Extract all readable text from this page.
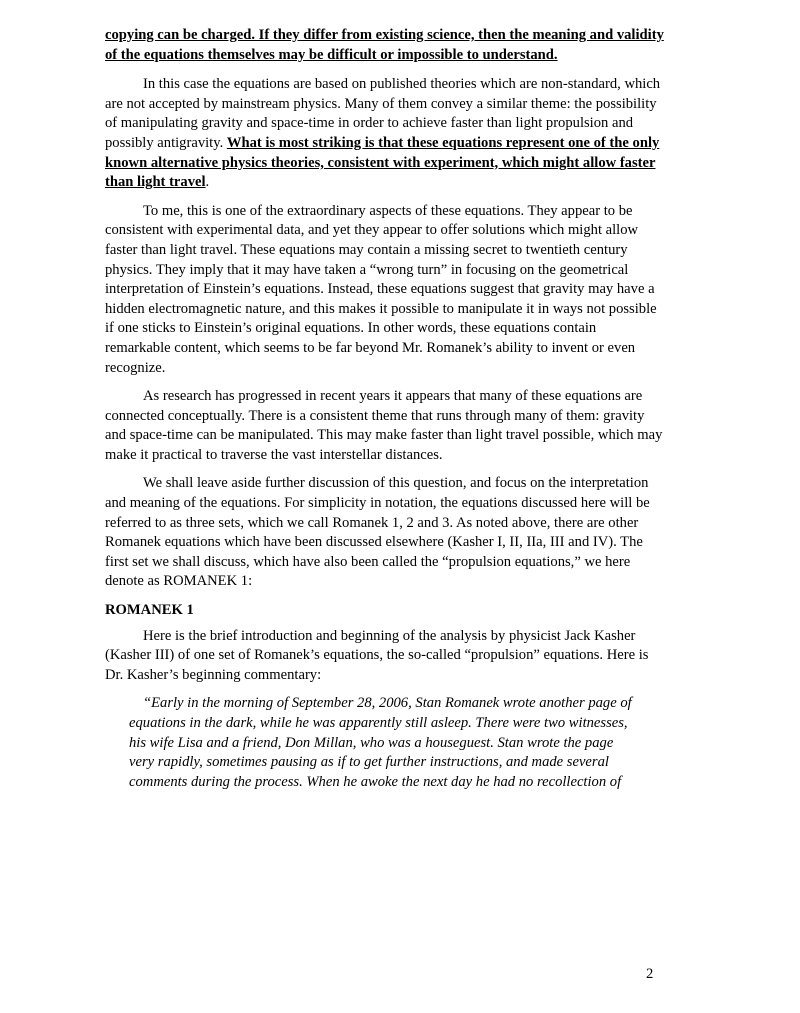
copying can be charged. If they differ from existing science, then the meaning and validity of the equations themselves may be difficult or impossible to understand.

In this case the equations are based on published theories which are non-standard, which are not accepted by mainstream physics. Many of them convey a similar theme: the possibility of manipulating gravity and space-time in order to achieve faster than light propulsion and possibly antigravity. What is most striking is that these equations represent one of the only known alternative physics theories, consistent with experiment, which might allow faster than light travel.

To me, this is one of the extraordinary aspects of these equations. They appear to be consistent with experimental data, and yet they appear to offer solutions which might allow faster than light travel. These equations may contain a missing secret to twentieth century physics. They imply that it may have taken a “wrong turn” in focusing on the geometrical interpretation of Einstein’s equations. Instead, these equations suggest that gravity may have a hidden electromagnetic nature, and this makes it possible to manipulate it in ways not possible if one sticks to Einstein’s original equations. In other words, these equations contain remarkable content, which seems to be far beyond Mr. Romanek’s ability to invent or even recognize.

As research has progressed in recent years it appears that many of these equations are connected conceptually. There is a consistent theme that runs through many of them: gravity and space-time can be manipulated. This may make faster than light travel possible, which may make it practical to traverse the vast interstellar distances.

We shall leave aside further discussion of this question, and focus on the interpretation and meaning of the equations. For simplicity in notation, the equations discussed here will be referred to as three sets, which we call Romanek 1, 2 and 3. As noted above, there are other Romanek equations which have been discussed elsewhere (Kasher I, II, IIa, III and IV). The first set we shall discuss, which have also been called the “propulsion equations,” we here denote as ROMANEK 1:

ROMANEK 1

Here is the brief introduction and beginning of the analysis by physicist Jack Kasher (Kasher III) of one set of Romanek’s equations, the so-called “propulsion” equations. Here is Dr. Kasher’s beginning commentary:

“Early in the morning of September 28, 2006, Stan Romanek wrote another page of equations in the dark, while he was apparently still asleep. There were two witnesses, his wife Lisa and a friend, Don Millan, who was a houseguest. Stan wrote the page very rapidly, sometimes pausing as if to get further instructions, and made several comments during the process. When he awoke the next day he had no recollection of

2
